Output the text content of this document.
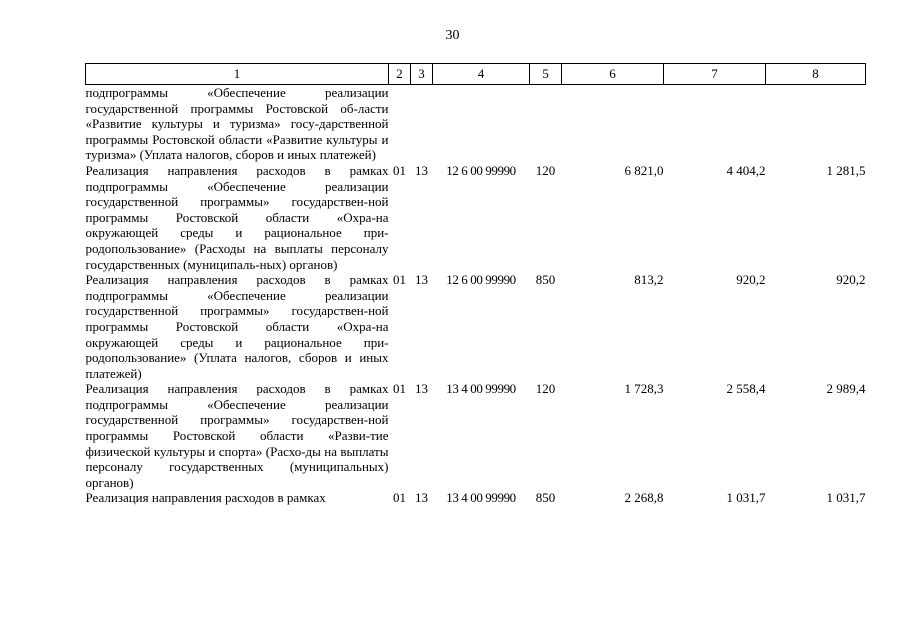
30
1	2	3	4	5	6	7	8
подпрограммы «Обеспечение реализации государственной программы Ростовской об-ласти «Развитие культуры и туризма» госу-дарственной программы Ростовской области «Развитие культуры и туризма» (Уплата налогов, сборов и иных платежей)							
Реализация направления расходов в рамках подпрограммы «Обеспечение реализации государственной программы» государствен-ной программы Ростовской области «Охра-на окружающей среды и рациональное при-родопользование» (Расходы на выплаты персоналу государственных (муниципаль-ных) органов)	01	13	12 6 00 99990	120	6 821,0	4 404,2	1 281,5
Реализация направления расходов в рамках подпрограммы «Обеспечение реализации государственной программы» государствен-ной программы Ростовской области «Охра-на окружающей среды и рациональное при-родопользование» (Уплата налогов, сборов и иных платежей)	01	13	12 6 00 99990	850	813,2	920,2	920,2
Реализация направления расходов в рамках подпрограммы «Обеспечение реализации государственной программы» государствен-ной программы Ростовской области «Разви-тие физической культуры и спорта» (Расхо-ды на выплаты персоналу государственных (муниципальных) органов)	01	13	13 4 00 99990	120	1 728,3	2 558,4	2 989,4
Реализация направления расходов в рамках	01	13	13 4 00 99990	850	2 268,8	1 031,7	1 031,7
